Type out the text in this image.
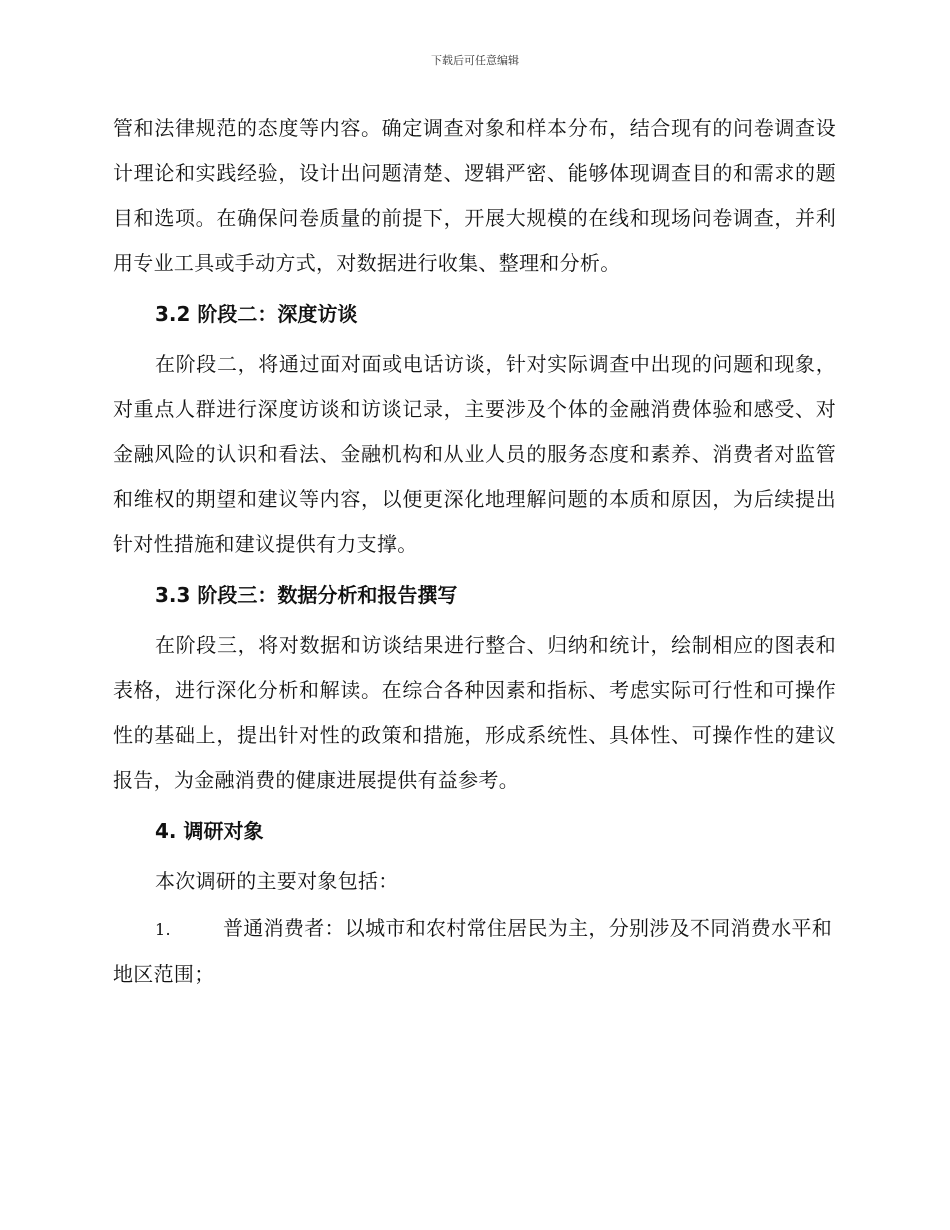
下载后可任意编辑

管和法律规范的态度等内容。确定调查对象和样本分布，结合现有的问卷调查设计理论和实践经验，设计出问题清楚、逻辑严密、能够体现调查目的和需求的题目和选项。在确保问卷质量的前提下，开展大规模的在线和现场问卷调查，并利用专业工具或手动方式，对数据进行收集、整理和分析。

3.2 阶段二：深度访谈

在阶段二，将通过面对面或电话访谈，针对实际调查中出现的问题和现象，对重点人群进行深度访谈和访谈记录，主要涉及个体的金融消费体验和感受、对金融风险的认识和看法、金融机构和从业人员的服务态度和素养、消费者对监管和维权的期望和建议等内容，以便更深化地理解问题的本质和原因，为后续提出针对性措施和建议提供有力支撑。

3.3 阶段三：数据分析和报告撰写

在阶段三，将对数据和访谈结果进行整合、归纳和统计，绘制相应的图表和表格，进行深化分析和解读。在综合各种因素和指标、考虑实际可行性和可操作性的基础上，提出针对性的政策和措施，形成系统性、具体性、可操作性的建议报告，为金融消费的健康进展提供有益参考。

4. 调研对象

本次调研的主要对象包括：

1.	普通消费者：以城市和农村常住居民为主，分别涉及不同消费水平和地区范围；
